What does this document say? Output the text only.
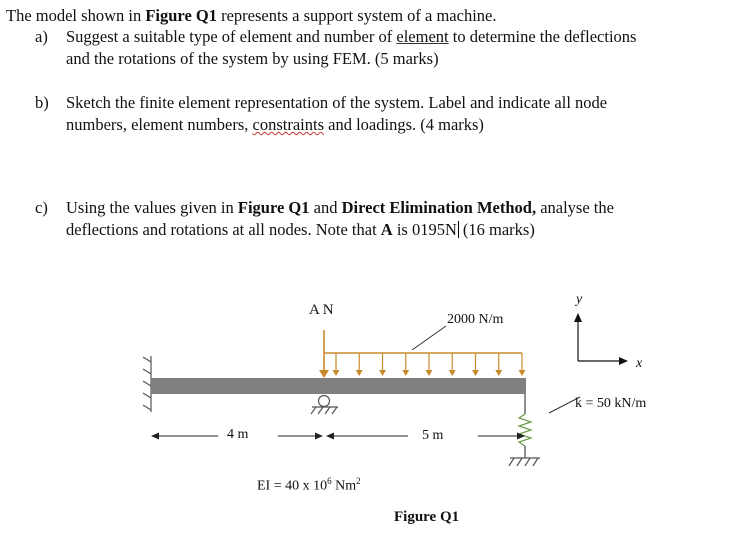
The model shown in Figure Q1 represents a support system of a machine.
a) Suggest a suitable type of element and number of element to determine the deflections
and the rotations of the system by using FEM. (5 marks)
b) Sketch the finite element representation of the system. Label and indicate all node
numbers, element numbers, constraints and loadings. (4 marks)
c) Using the values given in Figure Q1 and Direct Elimination Method, analyse the
deflections and rotations at all nodes. Note that A is 0195N (16 marks)
A N
2000 N/m
4 m	5 m
EI = 40 x $10^6$ Nm$^2$
k = 50 kN/m
y
x
Figure Q1
